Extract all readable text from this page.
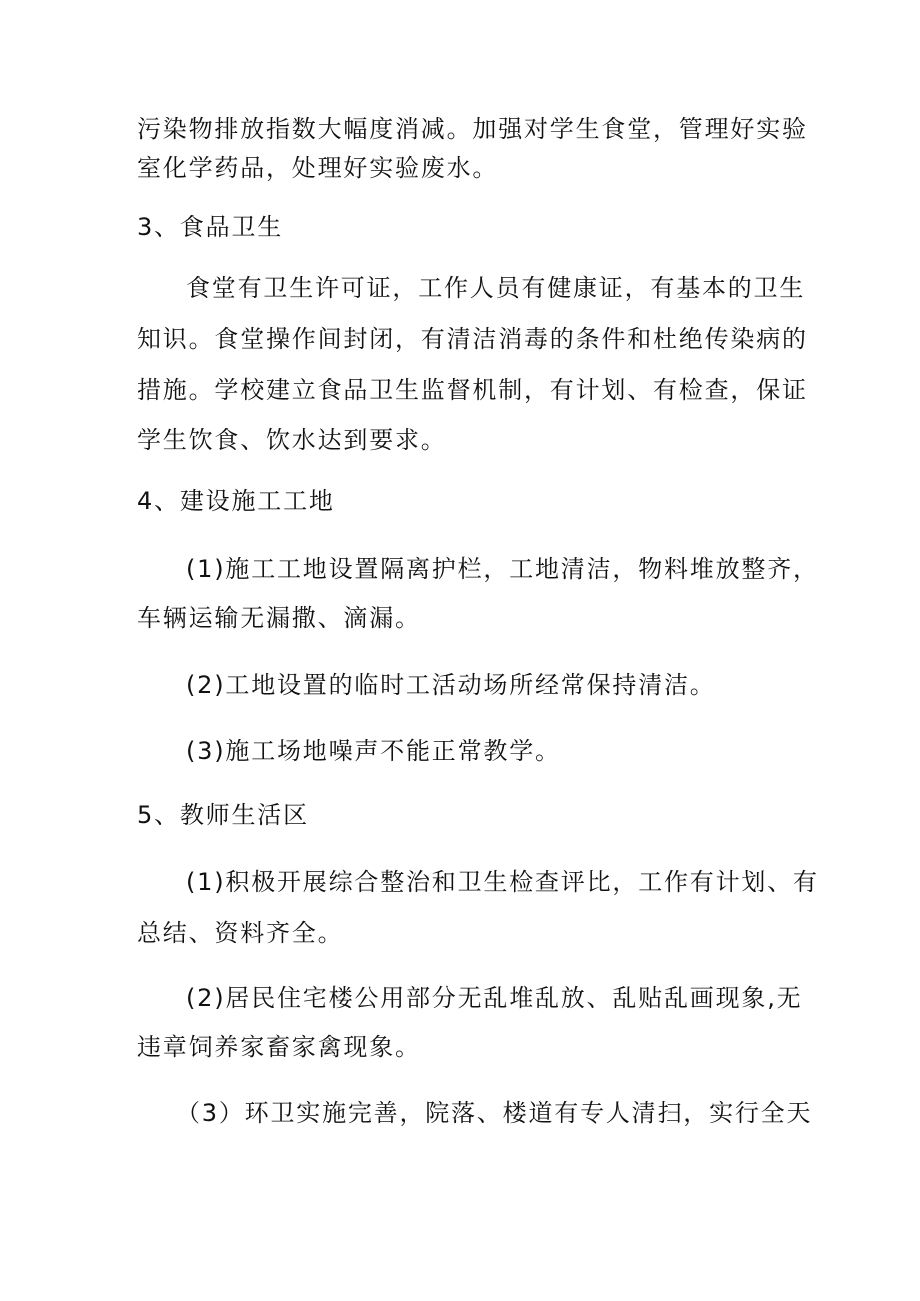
污染物排放指数大幅度消减。加强对学生食堂，管理好实验
室化学药品，处理好实验废水。
3、食品卫生
食堂有卫生许可证，工作人员有健康证，有基本的卫生
知识。食堂操作间封闭，有清洁消毒的条件和杜绝传染病的
措施。学校建立食品卫生监督机制，有计划、有检查，保证
学生饮食、饮水达到要求。
4、建设施工工地
(1)施工工地设置隔离护栏，工地清洁，物料堆放整齐，
车辆运输无漏撒、滴漏。
(2)工地设置的临时工活动场所经常保持清洁。
(3)施工场地噪声不能正常教学。
5、教师生活区
(1)积极开展综合整治和卫生检查评比，工作有计划、有
总结、资料齐全。
(2)居民住宅楼公用部分无乱堆乱放、乱贴乱画现象,无
违章饲养家畜家禽现象。
（3）环卫实施完善，院落、楼道有专人清扫，实行全天
